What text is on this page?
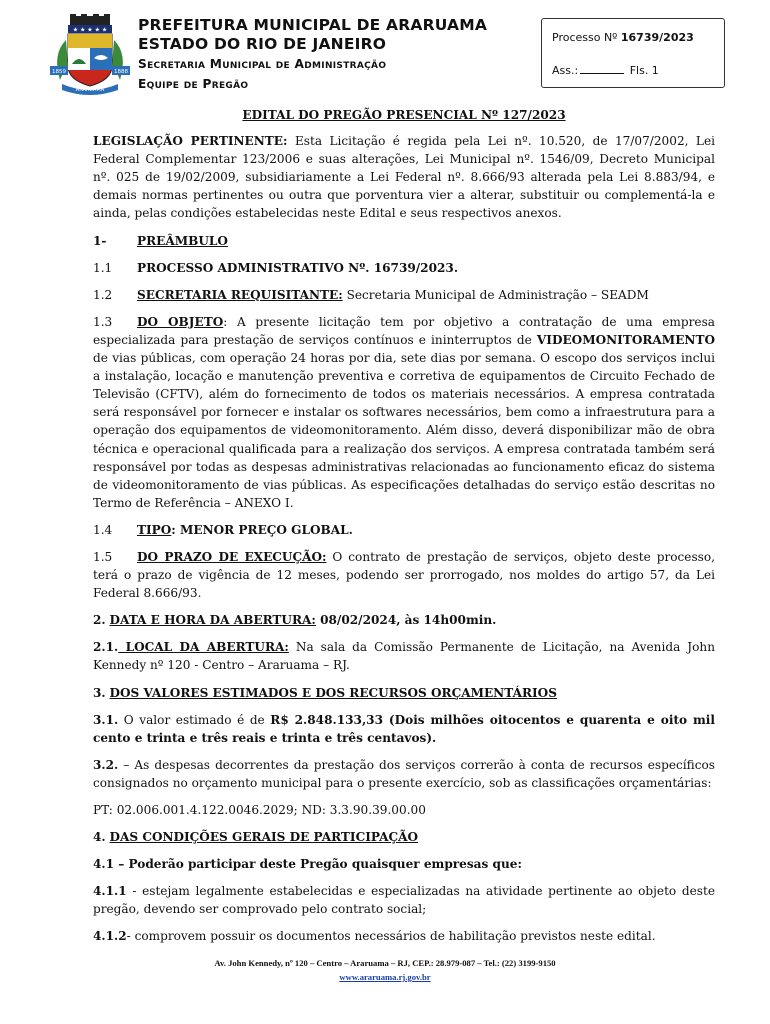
★ ★ ★ ★ ★
1859	1888
ARARUAMA
PREFEITURA MUNICIPAL DE ARARUAMA
ESTADO DO RIO DE JANEIRO
Secretaria Municipal de Administração
Equipe de Pregão
Processo Nº 16739/2023
Ass.:	Fls. 1
EDITAL DO PREGÃO PRESENCIAL Nº 127/2023

LEGISLAÇÃO PERTINENTE: Esta Licitação é regida pela Lei nº. 10.520, de 17/07/2002, Lei Federal Complementar 123/2006 e suas alterações, Lei Municipal nº. 1546/09, Decreto Municipal nº. 025 de 19/02/2009, subsidiariamente a Lei Federal nº. 8.666/93 alterada pela Lei 8.883/94, e demais normas pertinentes ou outra que porventura vier a alterar, substituir ou complementá-la e ainda, pelas condições estabelecidas neste Edital e seus respectivos anexos.

1-	PREÂMBULO

1.1 PROCESSO ADMINISTRATIVO Nº. 16739/2023.

1.2 SECRETARIA REQUISITANTE: Secretaria Municipal de Administração – SEADM

1.3 DO OBJETO: A presente licitação tem por objetivo a contratação de uma empresa especializada para prestação de serviços contínuos e ininterruptos de VIDEOMONITORAMENTO de vias públicas, com operação 24 horas por dia, sete dias por semana. O escopo dos serviços inclui a instalação, locação e manutenção preventiva e corretiva de equipamentos de Circuito Fechado de Televisão (CFTV), além do fornecimento de todos os materiais necessários. A empresa contratada será responsável por fornecer e instalar os softwares necessários, bem como a infraestrutura para a operação dos equipamentos de videomonitoramento. Além disso, deverá disponibilizar mão de obra técnica e operacional qualificada para a realização dos serviços. A empresa contratada também será responsável por todas as despesas administrativas relacionadas ao funcionamento eficaz do sistema de videomonitoramento de vias públicas. As especificações detalhadas do serviço estão descritas no Termo de Referência – ANEXO I.

1.4 TIPO: MENOR PREÇO GLOBAL.

1.5 DO PRAZO DE EXECUÇÃO: O contrato de prestação de serviços, objeto deste processo, terá o prazo de vigência de 12 meses, podendo ser prorrogado, nos moldes do artigo 57, da Lei Federal 8.666/93.

2. DATA E HORA DA ABERTURA: 08/02/2024, às 14h00min.

2.1. LOCAL DA ABERTURA: Na sala da Comissão Permanente de Licitação, na Avenida John Kennedy nº 120 - Centro – Araruama – RJ.

3. DOS VALORES ESTIMADOS E DOS RECURSOS ORÇAMENTÁRIOS

3.1. O valor estimado é de R$ 2.848.133,33 (Dois milhões oitocentos e quarenta e oito mil cento e trinta e três reais e trinta e três centavos).

3.2. – As despesas decorrentes da prestação dos serviços correrão à conta de recursos específicos consignados no orçamento municipal para o presente exercício, sob as classificações orçamentárias:

PT: 02.006.001.4.122.0046.2029; ND: 3.3.90.39.00.00

4. DAS CONDIÇÕES GERAIS DE PARTICIPAÇÃO

4.1 – Poderão participar deste Pregão quaisquer empresas que:

4.1.1 - estejam legalmente estabelecidas e especializadas na atividade pertinente ao objeto deste pregão, devendo ser comprovado pelo contrato social;

4.1.2- comprovem possuir os documentos necessários de habilitação previstos neste edital.

Av. John Kennedy, nº 120 – Centro – Araruama – RJ, CEP.: 28.979-087 – Tel.: (22) 3199-9150
www.araruama.rj.gov.br
